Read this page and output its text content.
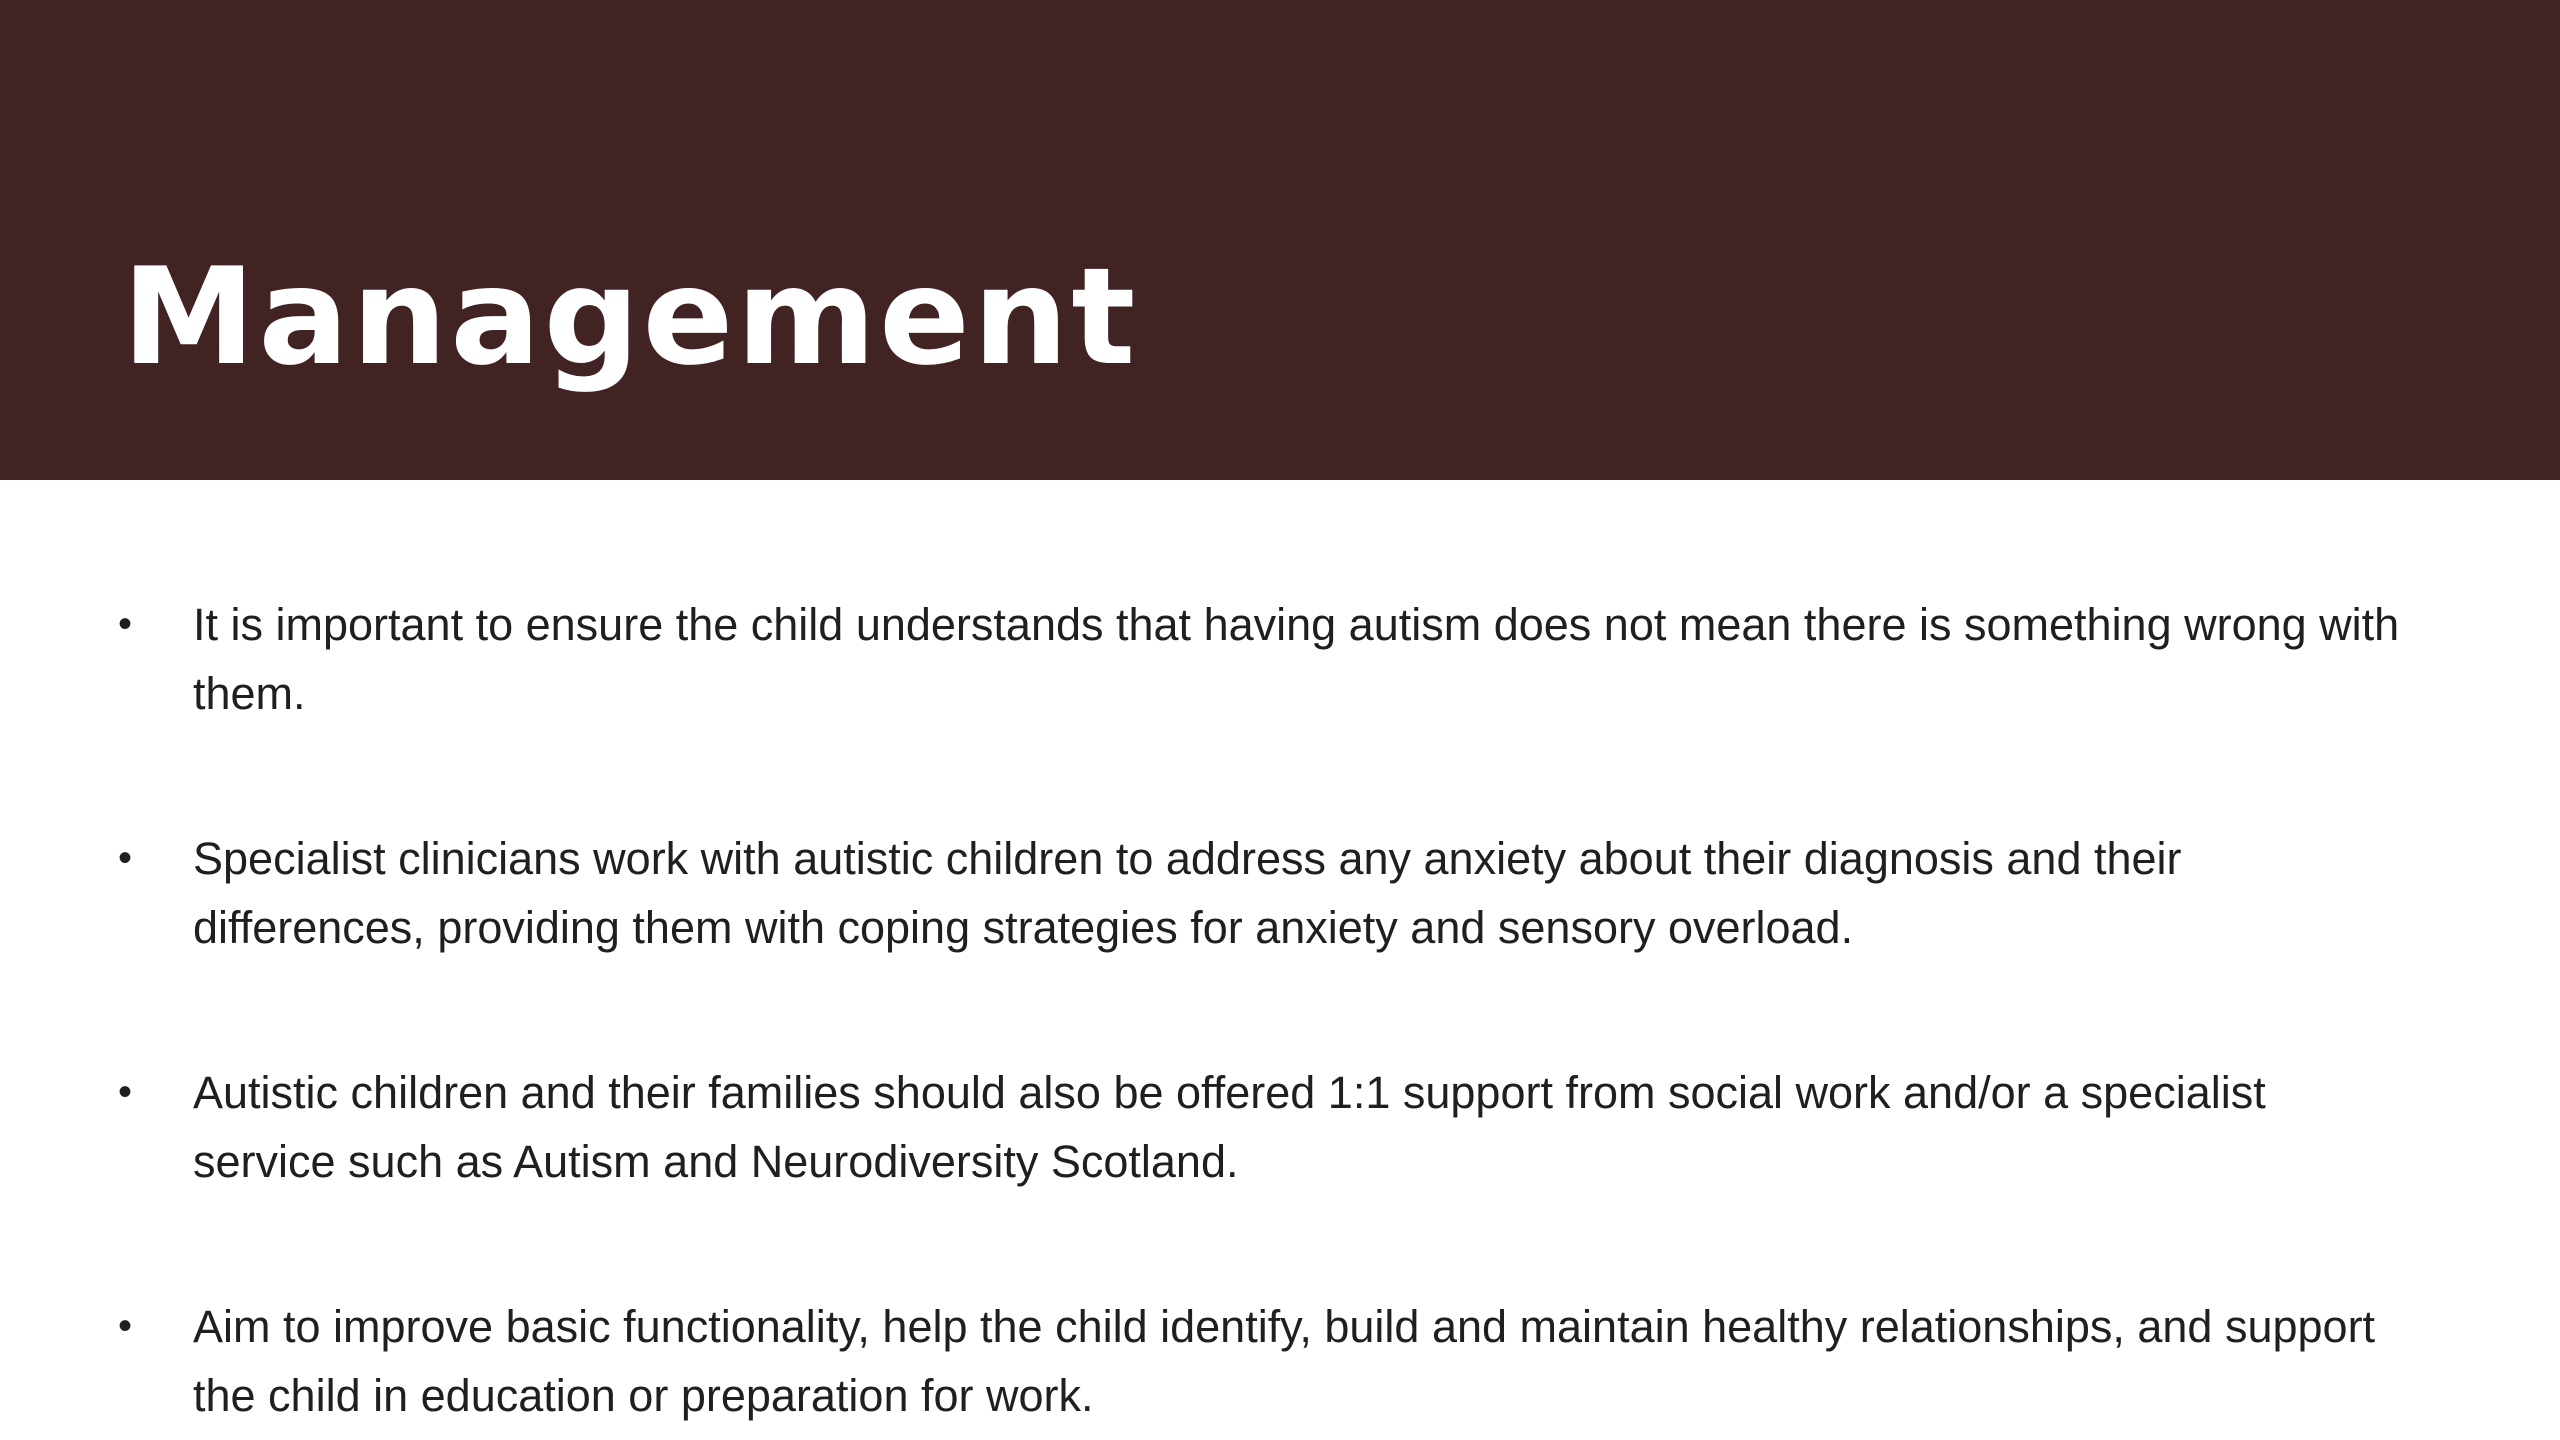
Management
• It is important to ensure the child understands that having autism does not mean there is something wrong with them.
• Specialist clinicians work with autistic children to address any anxiety about their diagnosis and their differences, providing them with coping strategies for anxiety and sensory overload.
• Autistic children and their families should also be offered 1:1 support from social work and/or a specialist service such as Autism and Neurodiversity Scotland.
• Aim to improve basic functionality, help the child identify, build and maintain healthy relationships, and support the child in education or preparation for work.
